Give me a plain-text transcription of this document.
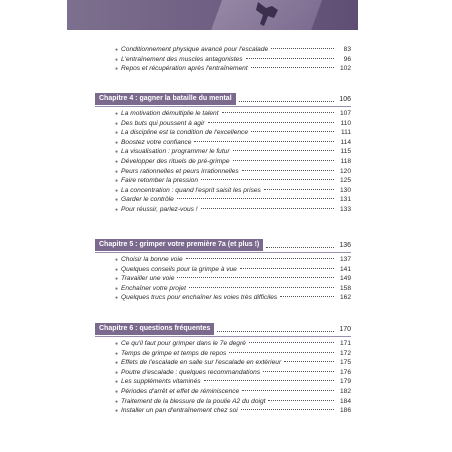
● Conditionnement physique avancé pour l'escalade	83
● L'entraînement des muscles antagonistes	96
● Repos et récupération après l'entraînement	102
Chapitre 4 : gagner la bataille du mental	106
● La motivation démultiplie le talent	107
● Des buts qui poussent à agir	110
● La discipline est la condition de l'excellence	111
● Boostez votre confiance	114
● La visualisation : programmer le futur	115
● Développer des rituels de pré-grimpe	118
● Peurs rationnelles et peurs irrationnelles	120
● Faire retomber la pression	125
● La concentration : quand l'esprit saisit les prises	130
● Garder le contrôle	131
● Pour réussir, parlez-vous !	133
Chapitre 5 : grimper votre première 7a (et plus !)	136
● Choisir la bonne voie	137
● Quelques conseils pour la grimpe à vue	141
● Travailler une voie	149
● Enchaîner votre projet	158
● Quelques trucs pour enchaîner les voies très difficiles	162
Chapitre 6 : questions fréquentes	170
● Ce qu'il faut pour grimper dans le 7e degré	171
● Temps de grimpe et temps de repos	172
● Effets de l'escalade en salle sur l'escalade en extérieur	175
● Poutre d'escalade : quelques recommandations	176
● Les suppléments vitaminés	179
● Périodes d'arrêt et effet de réminiscence	182
● Traitement de la blessure de la poulie A2 du doigt	184
● Installer un pan d'entraînement chez soi	186
